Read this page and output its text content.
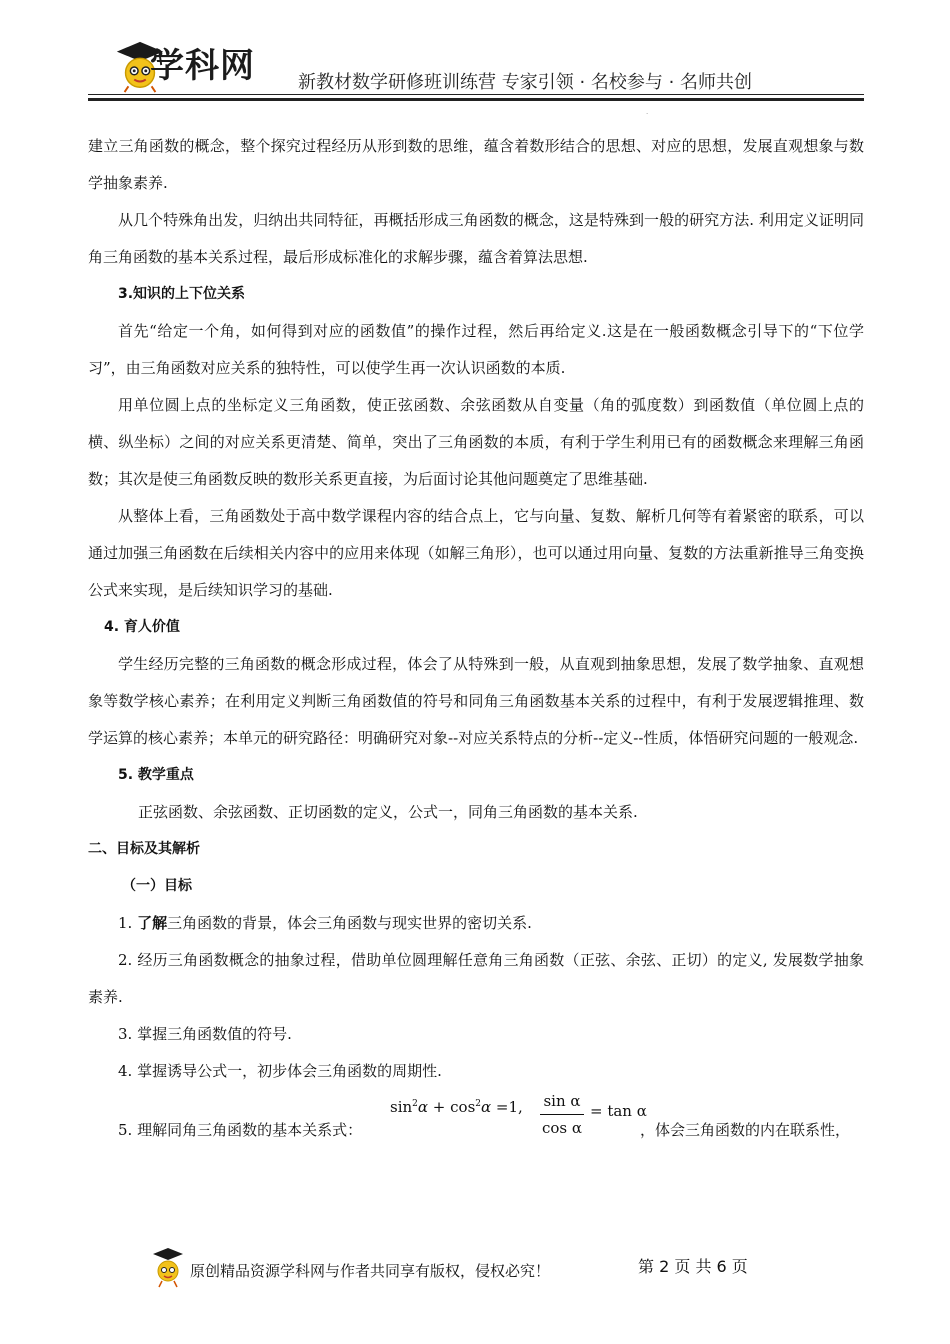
学科网 新教材数学研修班训练营 专家引领 · 名校参与 · 名师共创
.

建立三角函数的概念，整个探究过程经历从形到数的思维，蕴含着数形结合的思想、对应的思想，发展直观想象与数学抽象素养.

从几个特殊角出发，归纳出共同特征，再概括形成三角函数的概念，这是特殊到一般的研究方法. 利用定义证明同角三角函数的基本关系过程，最后形成标准化的求解步骤，蕴含着算法思想.

3.知识的上下位关系

首先“给定一个角，如何得到对应的函数值”的操作过程，然后再给定义.这是在一般函数概念引导下的“下位学习”，由三角函数对应关系的独特性，可以使学生再一次认识函数的本质.

用单位圆上点的坐标定义三角函数，使正弦函数、余弦函数从自变量（角的弧度数）到函数值（单位圆上点的横、纵坐标）之间的对应关系更清楚、简单，突出了三角函数的本质，有利于学生利用已有的函数概念来理解三角函数；其次是使三角函数反映的数形关系更直接，为后面讨论其他问题奠定了思维基础.

从整体上看，三角函数处于高中数学课程内容的结合点上，它与向量、复数、解析几何等有着紧密的联系，可以通过加强三角函数在后续相关内容中的应用来体现（如解三角形），也可以通过用向量、复数的方法重新推导三角变换公式来实现，是后续知识学习的基础.

4. 育人价值

学生经历完整的三角函数的概念形成过程，体会了从特殊到一般，从直观到抽象思想，发展了数学抽象、直观想象等数学核心素养；在利用定义判断三角函数值的符号和同角三角函数基本关系的过程中，有利于发展逻辑推理、数学运算的核心素养；本单元的研究路径：明确研究对象--对应关系特点的分析--定义--性质，体悟研究问题的一般观念.

5. 教学重点

正弦函数、余弦函数、正切函数的定义，公式一，同角三角函数的基本关系.

二、目标及其解析
（一）目标

1. 了解三角函数的背景，体会三角函数与现实世界的密切关系.

2. 经历三角函数概念的抽象过程，借助单位圆理解任意角三角函数（正弦、余弦、正切）的定义, 发展数学抽象素养.

3. 掌握三角函数值的符号.

4. 掌握诱导公式一，初步体会三角函数的周期性.

5. 理解同角三角函数的基本关系式：
$\sin^2\alpha + \cos^2\alpha =1$, sin α
cos α
= tan α
，体会三角函数的内在联系性，
原创精品资源学科网与作者共同享有版权，侵权必究！	第 2 页 共 6 页
